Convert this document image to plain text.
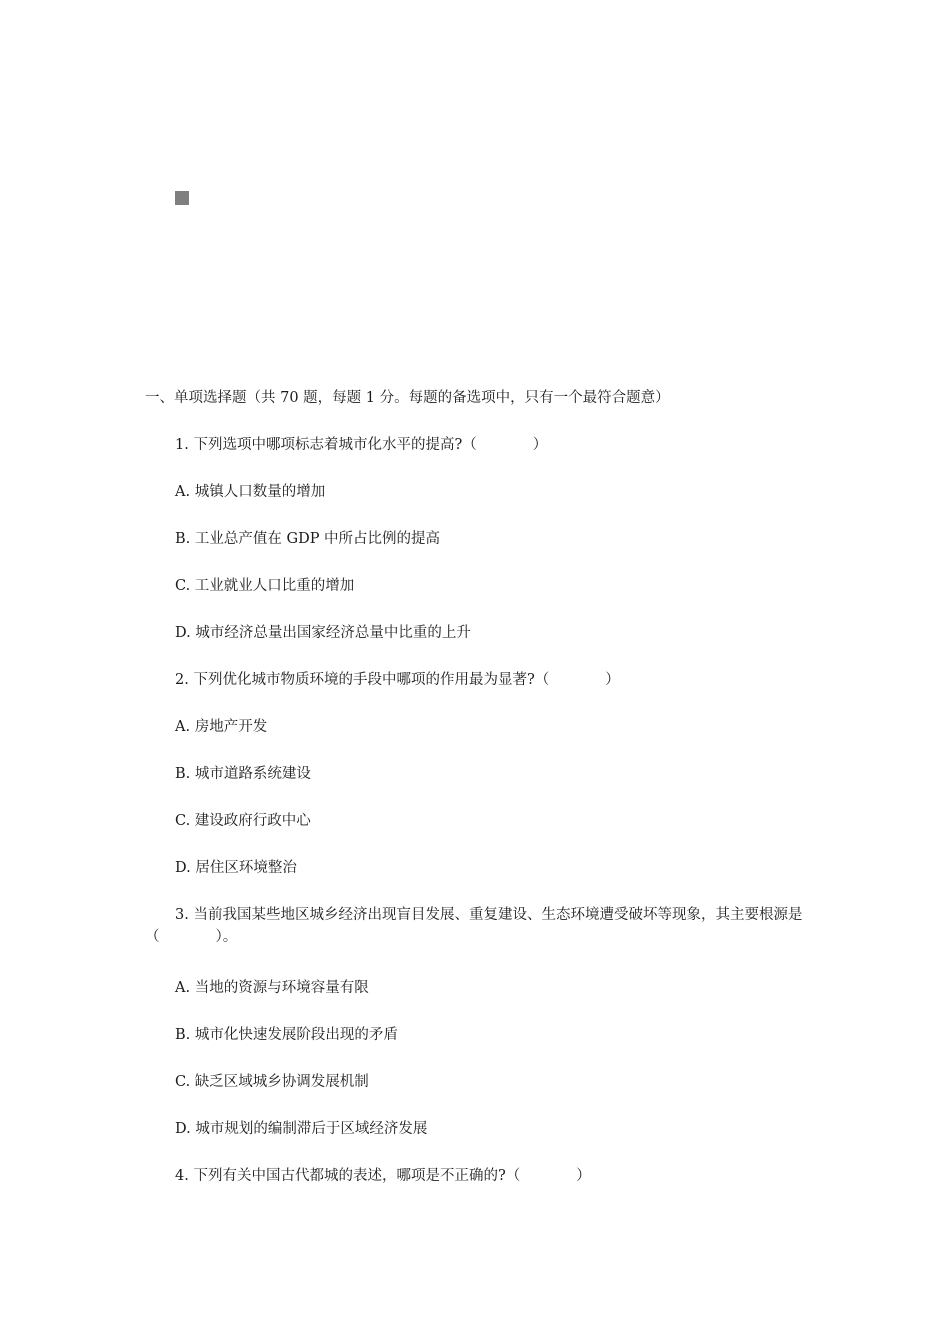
一、单项选择题（共 70 题，每题 1 分。每题的备选项中，只有一个最符合题意）

1. 下列选项中哪项标志着城市化水平的提高?（	）

A. 城镇人口数量的增加

B. 工业总产值在 GDP 中所占比例的提高

C. 工业就业人口比重的增加

D. 城市经济总量出国家经济总量中比重的上升

2. 下列优化城市物质环境的手段中哪项的作用最为显著?（	）

A. 房地产开发

B. 城市道路系统建设

C. 建设政府行政中心

D. 居住区环境整治

3. 当前我国某些地区城乡经济出现盲目发展、重复建设、生态环境遭受破坏等现象，其主要根源是（	）。

A. 当地的资源与环境容量有限

B. 城市化快速发展阶段出现的矛盾

C. 缺乏区域城乡协调发展机制

D. 城市规划的编制滞后于区域经济发展

4. 下列有关中国古代都城的表述，哪项是不正确的?（	）
